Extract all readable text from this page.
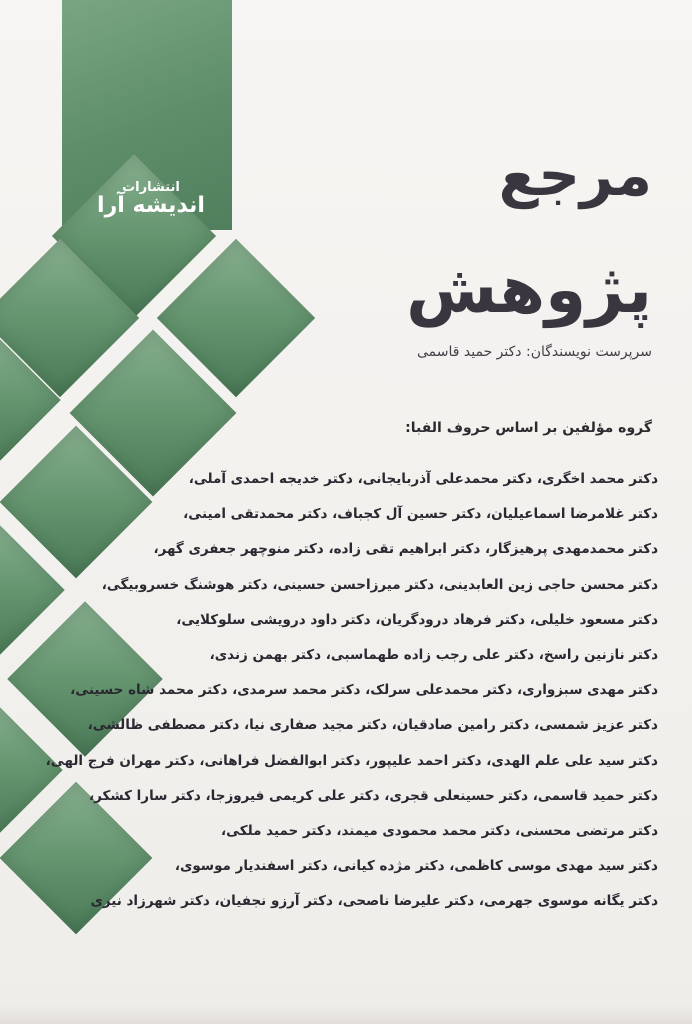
انتشارات
اندیشه آرا	مرجع
پژوهش
سرپرست نویسندگان: دکتر حمید قاسمی
گروه مؤلفین بر اساس حروف الفبا:
دکتر محمد اخگری، دکتر محمدعلی آذربایجانی، دکتر خدیجه احمدی آملی،
دکتر غلامرضا اسماعیلیان، دکتر حسین آل کجباف، دکتر محمدتقی امینی،
دکتر محمدمهدی پرهیزگار، دکتر ابراهیم تقی زاده، دکتر منوچهر جعفری گهر،
دکتر محسن حاجی زین العابدینی، دکتر میرزاحسن حسینی، دکتر هوشنگ خسروبیگی،
دکتر مسعود خلیلی، دکتر فرهاد درودگریان، دکتر داود درویشی سلوکلایی،
دکتر نازنین راسخ، دکتر علی رجب زاده طهماسبی، دکتر بهمن زندی،
دکتر مهدی سبزواری، دکتر محمدعلی سرلک، دکتر محمد سرمدی، دکتر محمد شاه حسینی،
دکتر عزیز شمسی، دکتر رامین صادقیان، دکتر مجید صفاری نیا، دکتر مصطفی ظالشی،
دکتر سید علی علم الهدی، دکتر احمد علیپور، دکتر ابوالفضل فراهانی، دکتر مهران فرج الهی،
دکتر حمید قاسمی، دکتر حسینعلی قجری، دکتر علی کریمی فیروزجا، دکتر سارا کشکر،
دکتر مرتضی محسنی، دکتر محمد محمودی میمند، دکتر حمید ملکی،
دکتر سید مهدی موسی کاظمی، دکتر مژده کیانی، دکتر اسفندیار موسوی،
دکتر یگانه موسوی جهرمی، دکتر علیرضا ناصحی، دکتر آرزو نجفیان، دکتر شهرزاد نیری
